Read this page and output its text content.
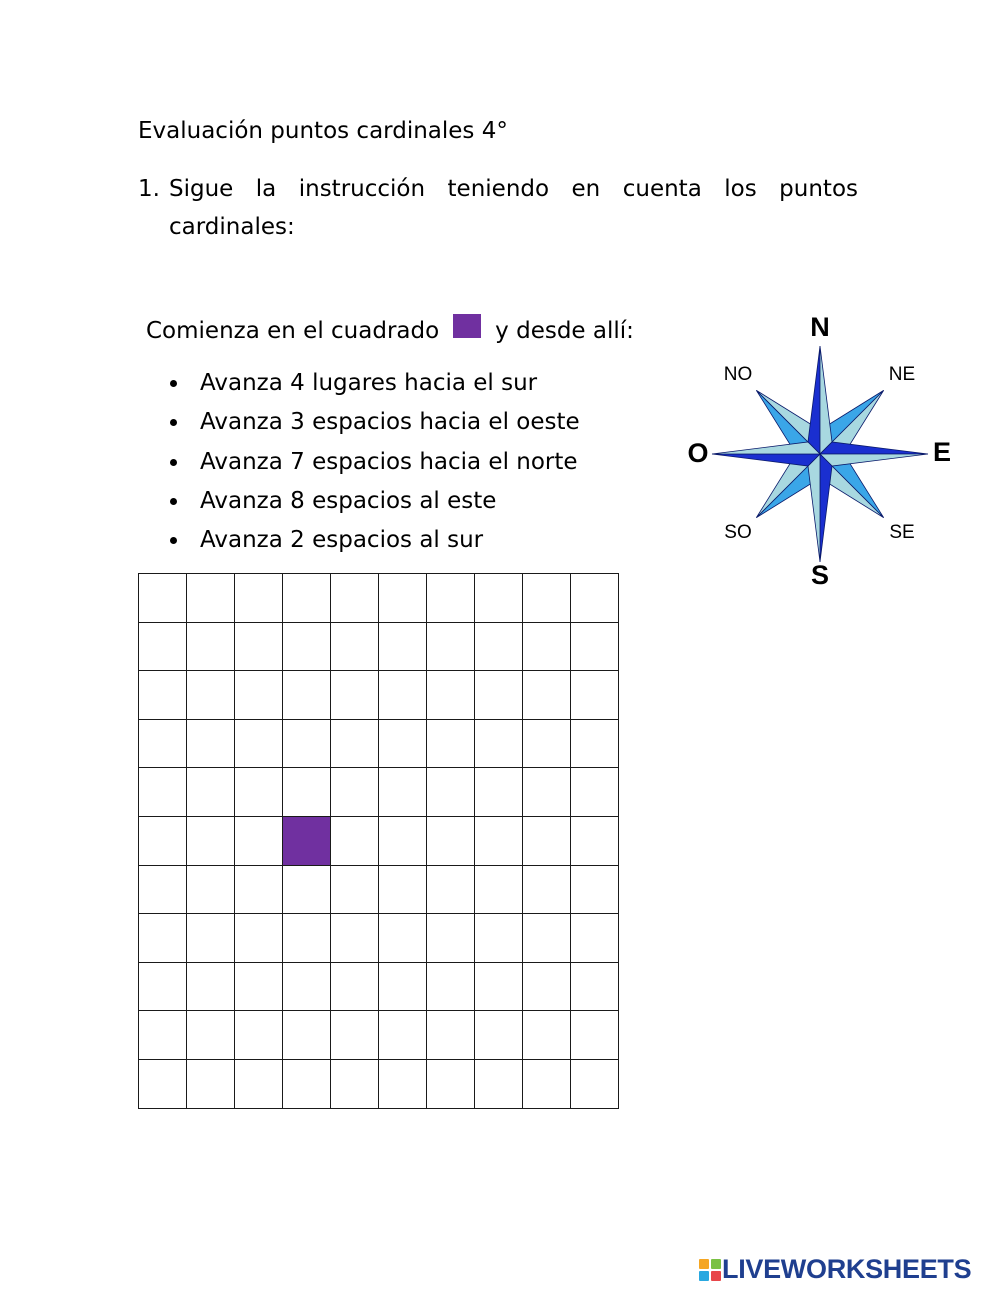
Evaluación puntos cardinales 4°
1. Sigue la instrucción teniendo en cuenta los puntos cardinales:
Comienza en el cuadrado y desde allí:
Avanza 4 lugares hacia el sur
Avanza 3 espacios hacia el oeste
Avanza 7 espacios hacia el norte
Avanza 8 espacios al este
Avanza 2 espacios al sur

N
S
E
O
NE
NO
SE
SO
LIVEWORKSHEETS
